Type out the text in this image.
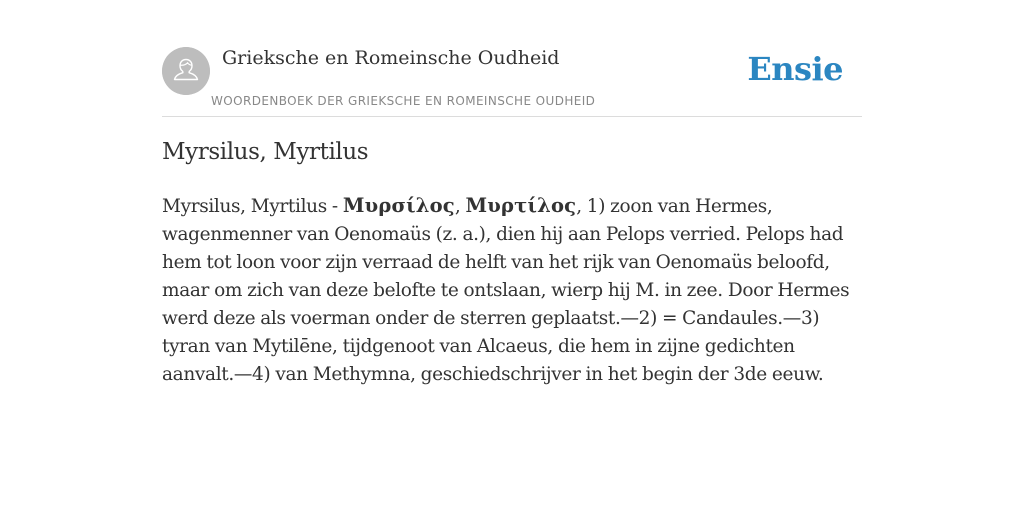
Grieksche en Romeinsche Oudheid
WOORDENBOEK DER GRIEKSCHE EN ROMEINSCHE OUDHEID
Ensie
Myrsilus, Myrtilus

Myrsilus, Myrtilus - Μυρσίλος, Μυρτίλος, 1) zoon van Hermes, wagenmenner van Oenomaüs (z. a.), dien hij aan Pelops verried. Pelops had hem tot loon voor zijn verraad de helft van het rijk van Oenomaüs beloofd, maar om zich van deze belofte te ontslaan, wierp hij M. in zee. Door Hermes werd deze als voerman onder de sterren geplaatst.—2) = Candaules.—3) tyran van Mytilēne, tijdgenoot van Alcaeus, die hem in zijne gedichten aanvalt.—4) van Methymna, geschiedschrijver in het begin der 3de eeuw.
